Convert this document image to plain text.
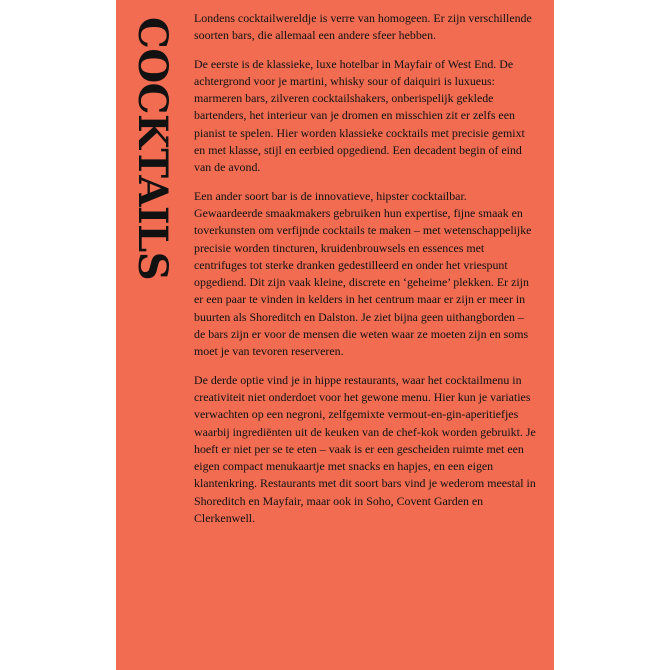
COCKTAILS Londens cocktailwereldje is verre van homogeen. Er zijn verschillende soorten bars, die allemaal een andere sfeer hebben.

De eerste is de klassieke, luxe hotelbar in Mayfair of West End. De achtergrond voor je martini, whisky sour of daiquiri is luxueus: marmeren bars, zilveren cocktailshakers, onberispelijk geklede bartenders, het interieur van je dromen en misschien zit er zelfs een pianist te spelen. Hier worden klassieke cocktails met precisie gemixt en met klasse, stijl en eerbied opgediend. Een decadent begin of eind van de avond.

Een ander soort bar is de innovatieve, hipster cocktailbar. Gewaardeerde smaakmakers gebruiken hun expertise, fijne smaak en toverkunsten om verfijnde cocktails te maken – met wetenschappelijke precisie worden tincturen, kruidenbrouwsels en essences met centrifuges tot sterke dranken gedestilleerd en onder het vriespunt opgediend. Dit zijn vaak kleine, discrete en ‘geheime’ plekken. Er zijn er een paar te vinden in kelders in het centrum maar er zijn er meer in buurten als Shoreditch en Dalston. Je ziet bijna geen uithangborden – de bars zijn er voor de mensen die weten waar ze moeten zijn en soms moet je van tevoren reserveren.

De derde optie vind je in hippe restaurants, waar het cocktailmenu in creativiteit niet onderdoet voor het gewone menu. Hier kun je variaties verwachten op een negroni, zelfgemixte vermout-en-gin-aperitiefjes waarbij ingrediënten uit de keuken van de chef-kok worden gebruikt. Je hoeft er niet per se te eten – vaak is er een gescheiden ruimte met een eigen compact menukaartje met snacks en hapjes, en een eigen klantenkring. Restaurants met dit soort bars vind je wederom meestal in Shoreditch en Mayfair, maar ook in Soho, Covent Garden en Clerkenwell.
